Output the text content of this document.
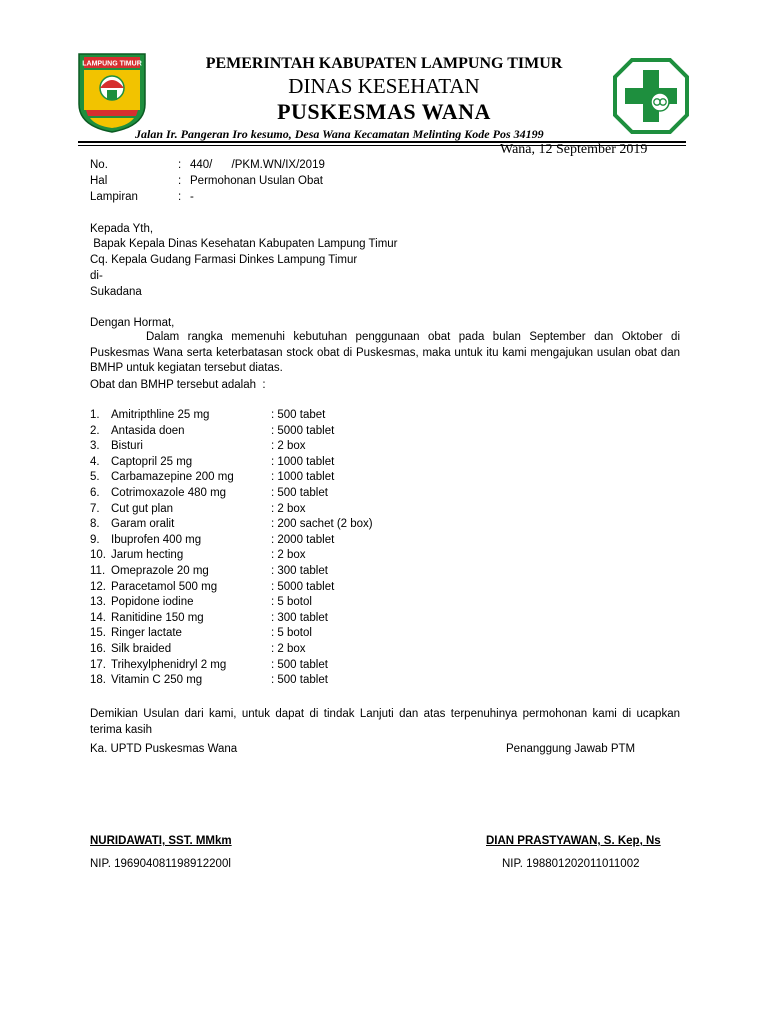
LAMPUNG TIMUR	PEMERINTAH KABUPATEN LAMPUNG TIMUR
DINAS KESEHATAN
PUSKESMAS WANA
Jalan Ir. Pangeran Iro kesumo, Desa Wana Kecamatan Melinting Kode Pos 34199
Wana, 12 September 2019
No.	: 440/      /PKM.WN/IX/2019
Hal	: Permohonan Usulan Obat
Lampiran	: -
Kepada Yth,
Bapak Kepala Dinas Kesehatan Kabupaten Lampung Timur
Cq. Kepala Gudang Farmasi Dinkes Lampung Timur
di-
Sukadana
Dengan Hormat,
Dalam rangka memenuhi kebutuhan penggunaan obat pada bulan September dan Oktober di Puskesmas Wana serta keterbatasan stock obat di Puskesmas, maka untuk itu kami mengajukan usulan obat dan BMHP untuk kegiatan tersebut diatas.
Obat dan BMHP tersebut adalah  :
1. Amitripthline 25 mg	: 500 tabet
2. Antasida doen	: 5000 tablet
3. Bisturi	: 2 box
4. Captopril 25 mg	: 1000 tablet
5. Carbamazepine 200 mg	: 1000 tablet
6. Cotrimoxazole 480 mg	: 500 tablet
7. Cut gut plan	: 2 box
8. Garam oralit	: 200 sachet (2 box)
9. Ibuprofen 400 mg	: 2000 tablet
10. Jarum hecting	: 2 box
11. Omeprazole 20 mg	: 300 tablet
12. Paracetamol 500 mg	: 5000 tablet
13. Popidone iodine	: 5 botol
14. Ranitidine 150 mg	: 300 tablet
15. Ringer lactate	: 5 botol
16. Silk braided	: 2 box
17. Trihexylphenidryl 2 mg	: 500 tablet
18. Vitamin C 250 mg	: 500 tablet
Demikian Usulan dari kami, untuk dapat di tindak Lanjuti dan atas terpenuhinya permohonan kami di ucapkan terima kasih
Ka. UPTD Puskesmas Wana	Penanggung Jawab PTM
NURIDAWATI, SST. MMkm	DIAN PRASTYAWAN, S. Kep, Ns
NIP. 196904081198912200l	NIP. 198801202011011002
